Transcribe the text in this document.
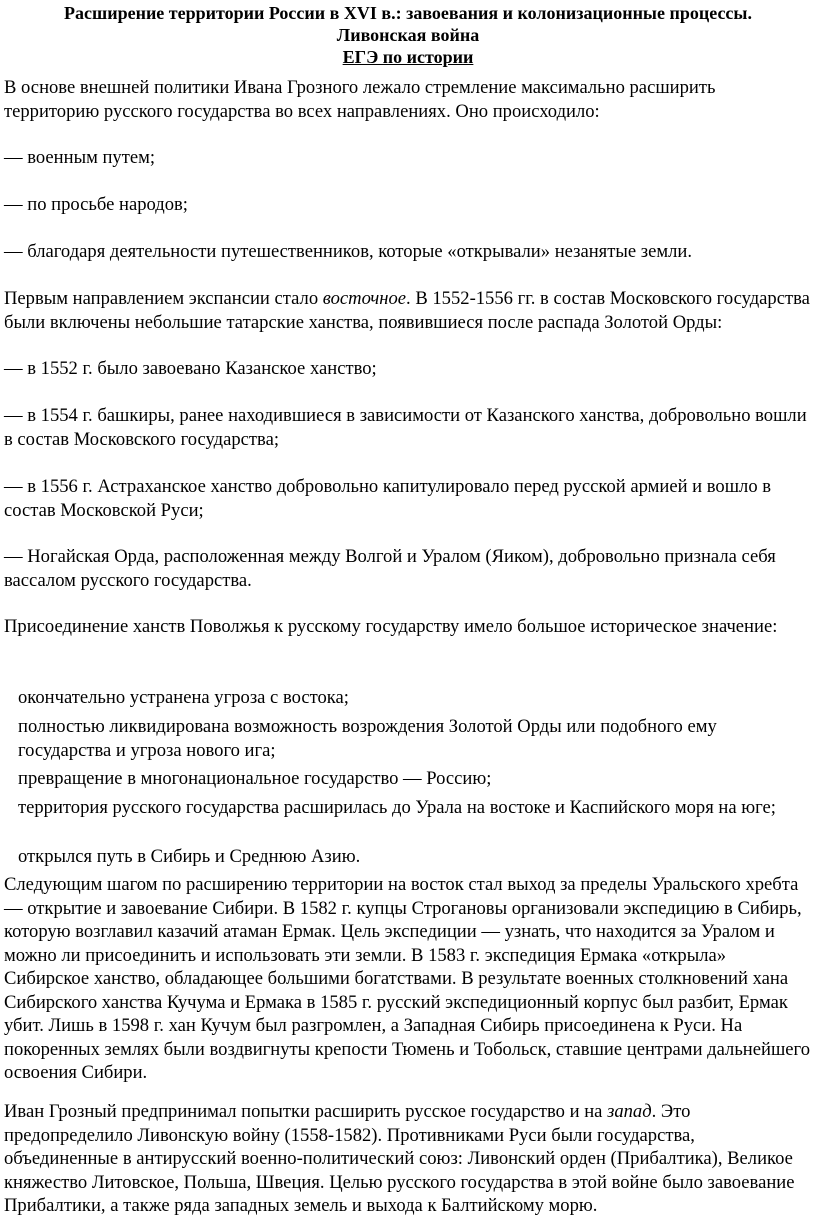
Расширение территории России в XVI в.: завоевания и колонизационные процессы.
Ливонская война
ЕГЭ по истории

В основе внешней политики Ивана Грозного лежало стремление максимально расширить территорию русского государства во всех направлениях. Оно происходило:

— военным путем;

— по просьбе народов;

— благодаря деятельности путешественников, которые «открывали» незанятые земли.

Первым направлением экспансии стало восточное. В 1552-1556 гг. в состав Московского государства были включены небольшие татарские ханства, появившиеся после распада Золотой Орды:

— в 1552 г. было завоевано Казанское ханство;

— в 1554 г. башкиры, ранее находившиеся в зависимости от Казанского ханства, добровольно вошли в состав Московского государства;

— в 1556 г. Астраханское ханство добровольно капитулировало перед русской армией и вошло в состав Московской Руси;

— Ногайская Орда, расположенная между Волгой и Уралом (Яиком), добровольно признала себя вассалом русского государства.

Присоединение ханств Поволжья к русскому государству имело большое историческое значение:

окончательно устранена угроза с востока;

полностью ликвидирована возможность возрождения Золотой Орды или подобного ему государства и угроза нового ига;

превращение в многонациональное государство — Россию;

территория русского государства расширилась до Урала на востоке и Каспийского моря на юге;

открылся путь в Сибирь и Среднюю Азию.

Следующим шагом по расширению территории на восток стал выход за пределы Уральского хребта — открытие и завоевание Сибири. В 1582 г. купцы Строгановы организовали экспедицию в Сибирь, которую возглавил казачий атаман Ермак. Цель экспедиции — узнать, что находится за Уралом и можно ли присоединить и использовать эти земли. В 1583 г. экспедиция Ермака «открыла» Сибирское ханство, обладающее большими богатствами. В результате военных столкновений хана Сибирского ханства Кучума и Ермака в 1585 г. русский экспедиционный корпус был разбит, Ермак убит. Лишь в 1598 г. хан Кучум был разгромлен, а Западная Сибирь присоединена к Руси. На покоренных землях были воздвигнуты крепости Тюмень и Тобольск, ставшие центрами дальнейшего освоения Сибири.

Иван Грозный предпринимал попытки расширить русское государство и на запад. Это предопределило Ливонскую войну (1558-1582). Противниками Руси были государства, объединенные в антирусский военно-политический союз: Ливонский орден (Прибалтика), Великое княжество Литовское, Польша, Швеция. Целью русского государства в этой войне было завоевание Прибалтики, а также ряда западных земель и выхода к Балтийскому морю.
